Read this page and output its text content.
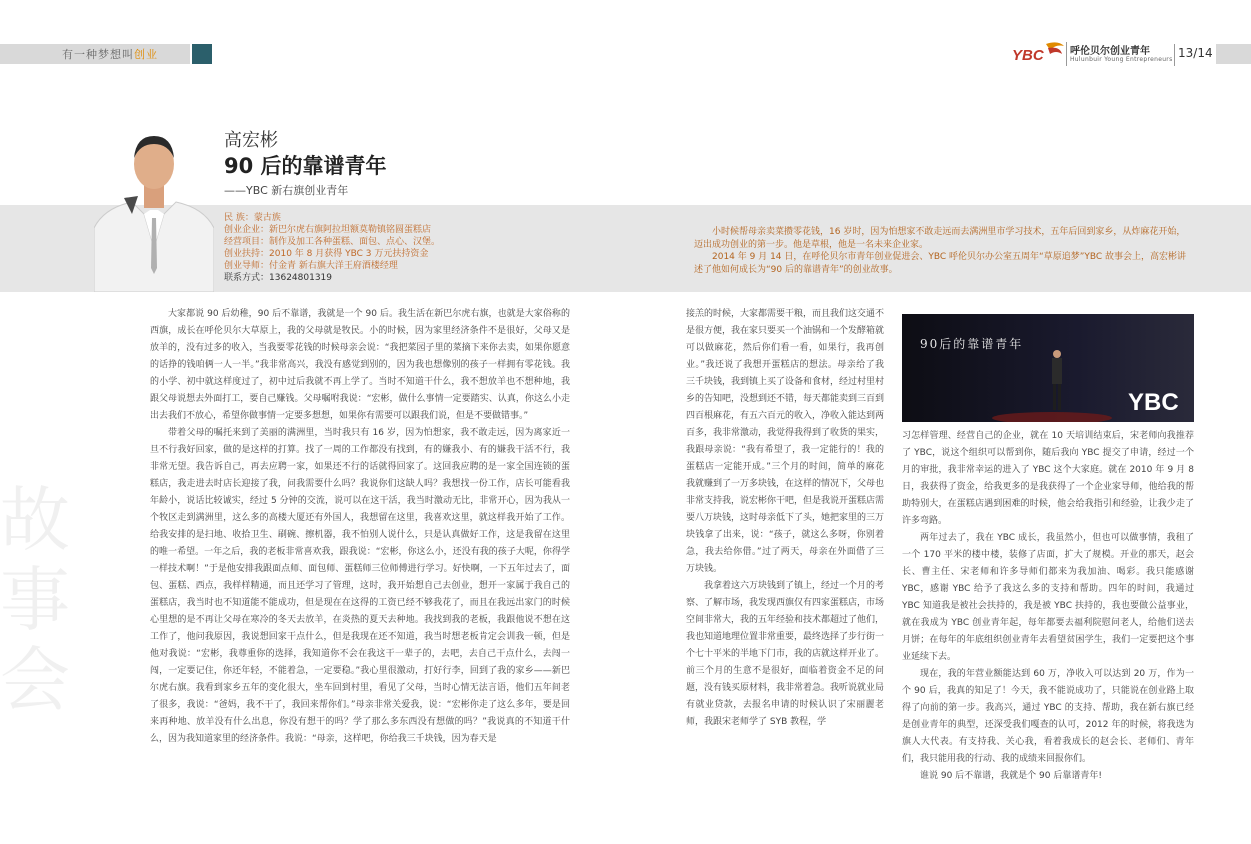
有一种梦想叫创业	YBC	呼伦贝尔创业青年
Hulunbuir Young Entrepreneurs 13/14
高宏彬
90 后的靠谱青年
——YBC 新右旗创业青年
民 族：蒙古族
创业企业：新巴尔虎右旗阿拉坦额莫勒镇铭圆蛋糕店
经营项目：制作及加工各种蛋糕、面包、点心、汉堡。
创业扶持：2010 年 8 月获得 YBC 3 万元扶持资金
创业导师：付金青 新右旗大洋王府酒楼经理
联系方式：13624801319

小时候帮母亲卖菜攒零花钱，16 岁时，因为怕想家不敢走远而去满洲里市学习技术，五年后回到家乡，从炸麻花开始，迈出成功创业的第一步。他是草根，他是一名未来企业家。

2014 年 9 月 14 日，在呼伦贝尔市青年创业促进会、YBC 呼伦贝尔办公室五周年“草原追梦”YBC 故事会上，高宏彬讲述了他如何成长为“90 后的靠谱青年”的创业故事。

故事会

大家都说 90 后幼稚，90 后不靠谱，我就是一个 90 后。我生活在新巴尔虎右旗，也就是大家俗称的西旗，成长在呼伦贝尔大草原上，我的父母就是牧民。小的时候，因为家里经济条件不是很好，父母又是放羊的，没有过多的收入，当我要零花钱的时候母亲会说：“我把菜园子里的菜摘下来你去卖，如果你愿意的话挣的钱咱俩一人一半。”我非常高兴，我没有感觉到别的，因为我也想像别的孩子一样拥有零花钱。我的小学、初中就这样度过了，初中过后我就不再上学了。当时不知道干什么，我不想放羊也不想种地，我跟父母说想去外面打工，要自己赚钱。父母嘱咐我说：“宏彬，做什么事情一定要踏实、认真，你这么小走出去我们不放心，希望你做事情一定要多想想，如果你有需要可以跟我们说，但是不要做错事。”

带着父母的嘱托来到了美丽的满洲里，当时我只有 16 岁，因为怕想家，我不敢走远，因为离家近一旦不行我好回家，做的是这样的打算。找了一周的工作都没有找到，有的嫌我小、有的嫌我干活不行，我非常无望。我告诉自己，再去应聘一家，如果还不行的话就得回家了。这回我应聘的是一家全国连锁的蛋糕店，我走进去时店长迎接了我，问我需要什么吗？我说你们这缺人吗？我想找一份工作，店长可能看我年龄小，说话比较诚实，经过 5 分钟的交流，说可以在这干活，我当时激动无比，非常开心，因为我从一个牧区走到满洲里，这么多的高楼大厦还有外国人，我想留在这里，我喜欢这里，就这样我开始了工作。给我安排的是扫地、收拾卫生、刷碗、擦机器，我不怕别人说什么，只是认真做好工作，这是我留在这里的唯一希望。一年之后，我的老板非常喜欢我，跟我说：“宏彬，你这么小，还没有我的孩子大呢，你得学一样技术啊！”于是他安排我跟面点师、面包师、蛋糕师三位师傅进行学习。好快啊，一下五年过去了，面包、蛋糕、西点，我样样精通，而且还学习了管理，这时，我开始想自己去创业，想开一家属于我自己的蛋糕店，我当时也不知道能不能成功，但是现在在这得的工资已经不够我花了，而且在我远出家门的时候心里想的是不再让父母在寒冷的冬天去放羊，在炎热的夏天去种地。我找到我的老板，我跟他说不想在这工作了，他问我原因，我说想回家干点什么，但是我现在还不知道，我当时想老板肯定会训我一顿，但是他对我说：“宏彬，我尊重你的选择，我知道你不会在我这干一辈子的，去吧，去自己干点什么，去闯一闯，一定要记住，你还年轻，不能着急，一定要稳。”我心里很激动，打好行李，回到了我的家乡——新巴尔虎右旗。我看到家乡五年的变化很大，坐车回到村里，看见了父母，当时心情无法言语，他们五年间老了很多，我说：“爸妈，我不干了，我回来帮你们。”母亲非常关爱我，说：“宏彬你走了这么多年，要是回来再种地、放羊没有什么出息，你没有想干的吗？学了那么多东西没有想做的吗？”我说真的不知道干什么，因为我知道家里的经济条件。我说：“母亲，这样吧，你给我三千块钱，因为春天是

接羔的时候，大家都需要干粮，而且我们这交通不是很方便，我在家只要买一个油锅和一个发酵箱就可以做麻花，然后你们看一看，如果行，我再创业。”我还说了我想开蛋糕店的想法。母亲给了我三千块钱，我到镇上买了设备和食材，经过村里村乡的告知吧，没想到还不错，每天都能卖到三百到四百根麻花，有五六百元的收入，净收入能达到两百多，我非常激动，我觉得我得到了收货的果实，我跟母亲说：“我有希望了，我一定能行的！我的蛋糕店一定能开成。”三个月的时间，简单的麻花我就赚到了一万多块钱，在这样的情况下，父母也非常支持我，说宏彬你干吧，但是我说开蛋糕店需要八万块钱，这时母亲低下了头，她把家里的三万块钱拿了出来，说：“孩子，就这么多呀，你别着急，我去给你借。”过了两天，母亲在外面借了三万块钱。

我拿着这六万块钱到了镇上，经过一个月的考察、了解市场，我发现西旗仅有四家蛋糕店，市场空间非常大，我的五年经验和技术都超过了他们，我也知道地理位置非常重要，最终选择了步行街一个七十平米的半地下门市，我的店就这样开业了。前三个月的生意不是很好，面临着资金不足的问题，没有钱买原材料，我非常着急。我听说就业局有就业贷款，去报名申请的时候认识了宋丽麗老师，我跟宋老师学了 SYB 教程，学

90后的靠谱青年
YBC

习怎样管理、经营自己的企业，就在 10 天培训结束后，宋老师向我推荐了 YBC，说这个组织可以帮到你，随后我向 YBC 提交了申请，经过一个月的审批，我非常幸运的进入了 YBC 这个大家庭。就在 2010 年 9 月 8 日，我获得了资金，给我更多的是我获得了一个企业家导师，他给我的帮助特别大，在蛋糕店遇到困难的时候，他会给我指引和经验，让我少走了许多弯路。

两年过去了，我在 YBC 成长，我虽然小，但也可以做事情，我租了一个 170 平米的楼中楼，装修了店面，扩大了规模。开业的那天，赵会长、曹主任、宋老师和许多导师们都来为我加油、喝彩。我只能感谢 YBC，感谢 YBC 给予了我这么多的支持和帮助。四年的时间，我通过 YBC 知道我是被社会扶持的，我是被 YBC 扶持的，我也要做公益事业，就在我成为 YBC 创业青年起，每年都要去福利院慰问老人，给他们送去月饼；在每年的年底组织创业青年去看望贫困学生，我们一定要把这个事业延续下去。

现在，我的年营业额能达到 60 万，净收入可以达到 20 万，作为一个 90 后，我真的知足了！今天，我不能说成功了，只能说在创业路上取得了向前的第一步。我高兴，通过 YBC 的支持、帮助，我在新右旗已经是创业青年的典型，还深受我们嘎查的认可，2012 年的时候，将我选为旗人大代表。有支持我、关心我，看着我成长的赵会长、老师们、青年们，我只能用我的行动、我的成绩来回报你们。

谁说 90 后不靠谱，我就是个 90 后靠谱青年!
